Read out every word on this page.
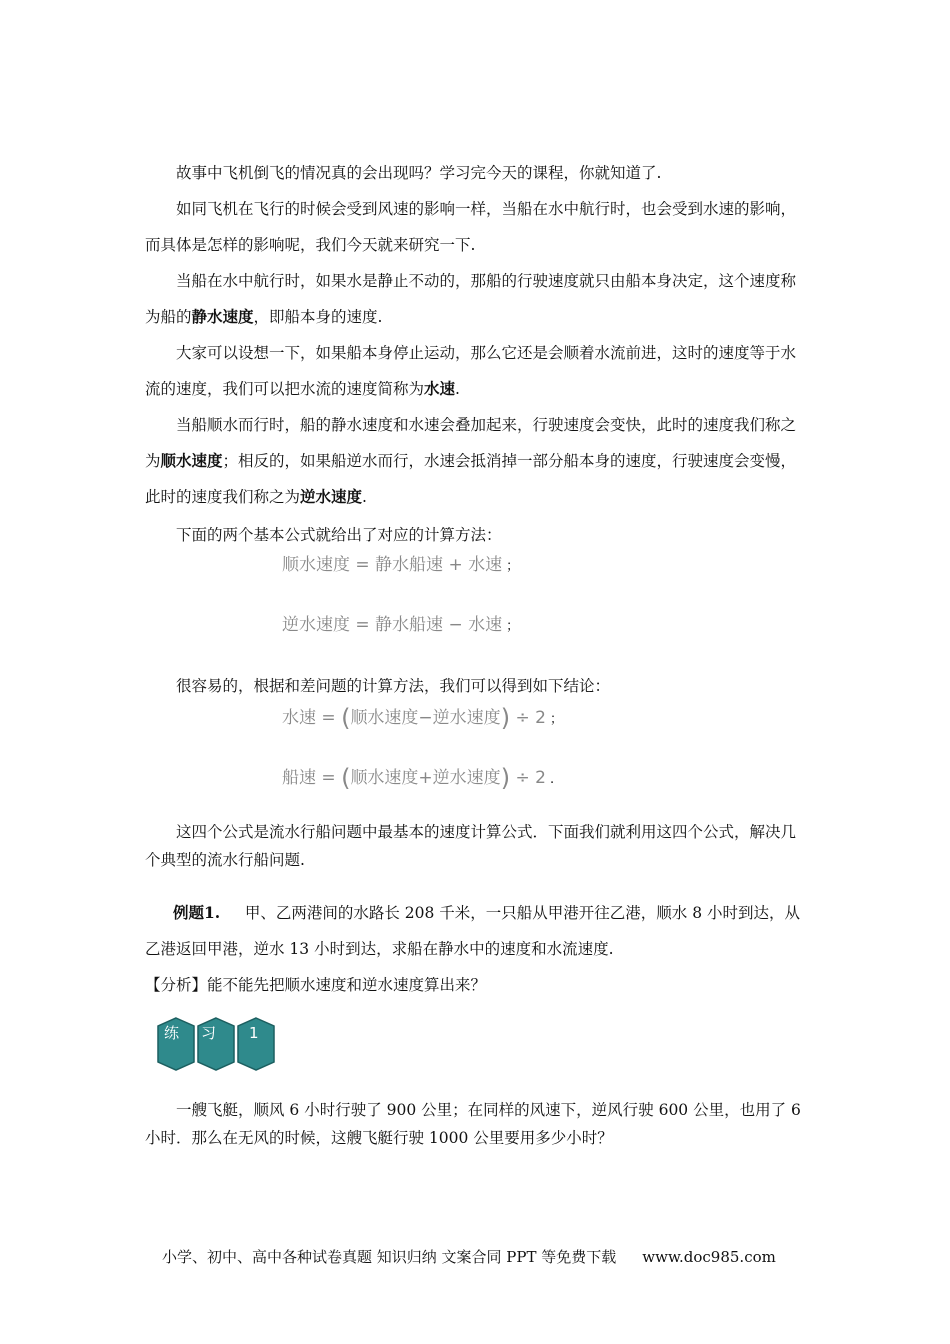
故事中飞机倒飞的情况真的会出现吗？学习完今天的课程，你就知道了.

如同飞机在飞行的时候会受到风速的影响一样，当船在水中航行时，也会受到水速的影响，而具体是怎样的影响呢，我们今天就来研究一下.

当船在水中航行时，如果水是静止不动的，那船的行驶速度就只由船本身决定，这个速度称为船的静水速度，即船本身的速度.

大家可以设想一下，如果船本身停止运动，那么它还是会顺着水流前进，这时的速度等于水流的速度，我们可以把水流的速度简称为水速.

当船顺水而行时，船的静水速度和水速会叠加起来，行驶速度会变快，此时的速度我们称之为顺水速度；相反的，如果船逆水而行，水速会抵消掉一部分船本身的速度，行驶速度会变慢，此时的速度我们称之为逆水速度.

下面的两个基本公式就给出了对应的计算方法：

顺水速度 = 静水船速 + 水速 ；
逆水速度 = 静水船速 − 水速 ；

很容易的，根据和差问题的计算方法，我们可以得到如下结论：

水速 = (顺水速度−逆水速度) ÷ 2 ；
船速 = (顺水速度+逆水速度) ÷ 2 .

这四个公式是流水行船问题中最基本的速度计算公式．下面我们就利用这四个公式，解决几个典型的流水行船问题.

例题1. 甲、乙两港间的水路长 208 千米，一只船从甲港开往乙港，顺水 8 小时到达，从乙港返回甲港，逆水 13 小时到达，求船在静水中的速度和水流速度.

【分析】能不能先把顺水速度和逆水速度算出来？

练 习 1

一艘飞艇，顺风 6 小时行驶了 900 公里；在同样的风速下，逆风行驶 600 公里，也用了 6 小时．那么在无风的时候，这艘飞艇行驶 1000 公里要用多少小时？

小学、初中、高中各种试卷真题 知识归纳 文案合同 PPT 等免费下载 www.doc985.com
